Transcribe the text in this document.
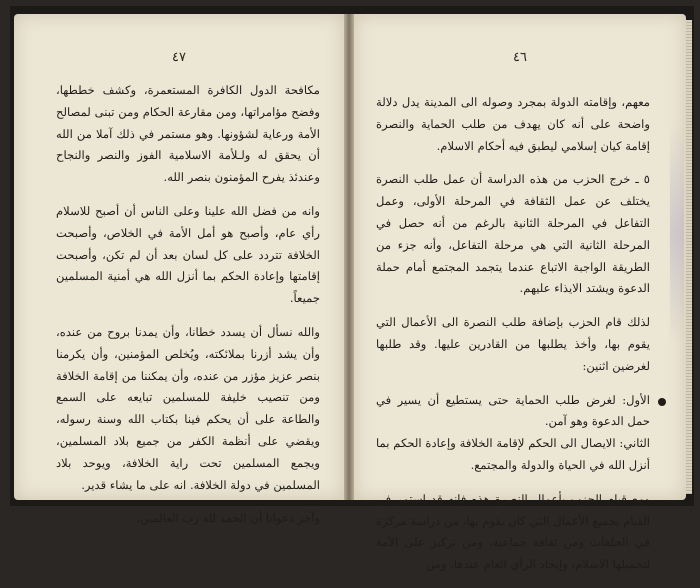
٤٧

مكافحة الدول الكافرة المستعمرة، وكشف خططها، وفضح مؤامراتها، ومن مقارعة الحكام ومن تبنى لمصالح الأمة ورعاية لشؤونها. وهو مستمر في ذلك آملا من الله أن يحقق له ولـلأمة الاسلامية الفوز والنصر والنجاح وعندئذ يفرح المؤمنون بنصر الله.

وانه من فضل الله علينا وعلى الناس أن أصبح للاسلام رأي عام، وأصبح هو أمل الأمة في الخلاص، وأصبحت الخلافة تتردد على كل لسان بعد أن لم تكن، وأصبحت إقامتها وإعادة الحكم بما أنزل الله هي أمنية المسلمين جميعاً.

والله نسأل أن يسدد خطانا، وأن يمدنا بروح من عنده، وأن يشد أزرنا بملائكته، ويُخلص المؤمنين، وأن يكرمنا بنصر عزيز مؤزر من عنده، وأن يمكننا من إقامة الخلافة ومن تنصيب خليفة للمسلمين تبايعه على السمع والطاعة على أن يحكم فينا بكتاب الله وسنة رسوله، ويقضي على أنظمة الكفر من جميع بلاد المسلمين، ويجمع المسلمين تحت راية الخلافة، ويوحد بلاد المسلمين في دولة الخلافة. انه على ما يشاء قدير.

وآخر دعوانا أن الحمد لله رب العالمين.

٤٦

معهم، وإقامته الدولة بمجرد وصوله الى المدينة يدل دلالة واضحة على أنه كان يهدف من طلب الحماية والنصرة إقامة كيان إسلامي ليطبق فيه أحكام الاسلام.

٥ ـ خرج الحزب من هذه الدراسة أن عمل طلب النصرة يختلف عن عمل الثقافة في المرحلة الأولى، وعمل التفاعل في المرحلة الثانية بالرغم من أنه حصل في المرحلة الثانية التي هي مرحلة التفاعل، وأنه جزء من الطريقة الواجبة الاتباع عندما يتجمد المجتمع أمام حملة الدعوة ويشتد الايذاء عليهم.

لذلك قام الحزب بإضافة طلب النصرة الى الأعمال التي يقوم بها، وأخذ يطلبها من القادرين عليها. وقد طلبها لغرضين اثنين:

الأول: لغرض طلب الحماية حتى يستطيع أن يسير في حمل الدعوة وهو آمن.

الثاني: الايصال الى الحكم لإقامة الخلافة وإعادة الحكم بما أنزل الله في الحياة والدولة والمجتمع.

ومع قيام الحزب بأعمال النصرة هذه فإنه قد استمر في القيام بجميع الأعمال التي كان يقوم بها، من دراسة مركزة في الحلقات ومن ثقافة جماعية، ومن تركيز على الأمة لتحميلها الاسلام، وإيجاد الرأي العام عندها، ومن
